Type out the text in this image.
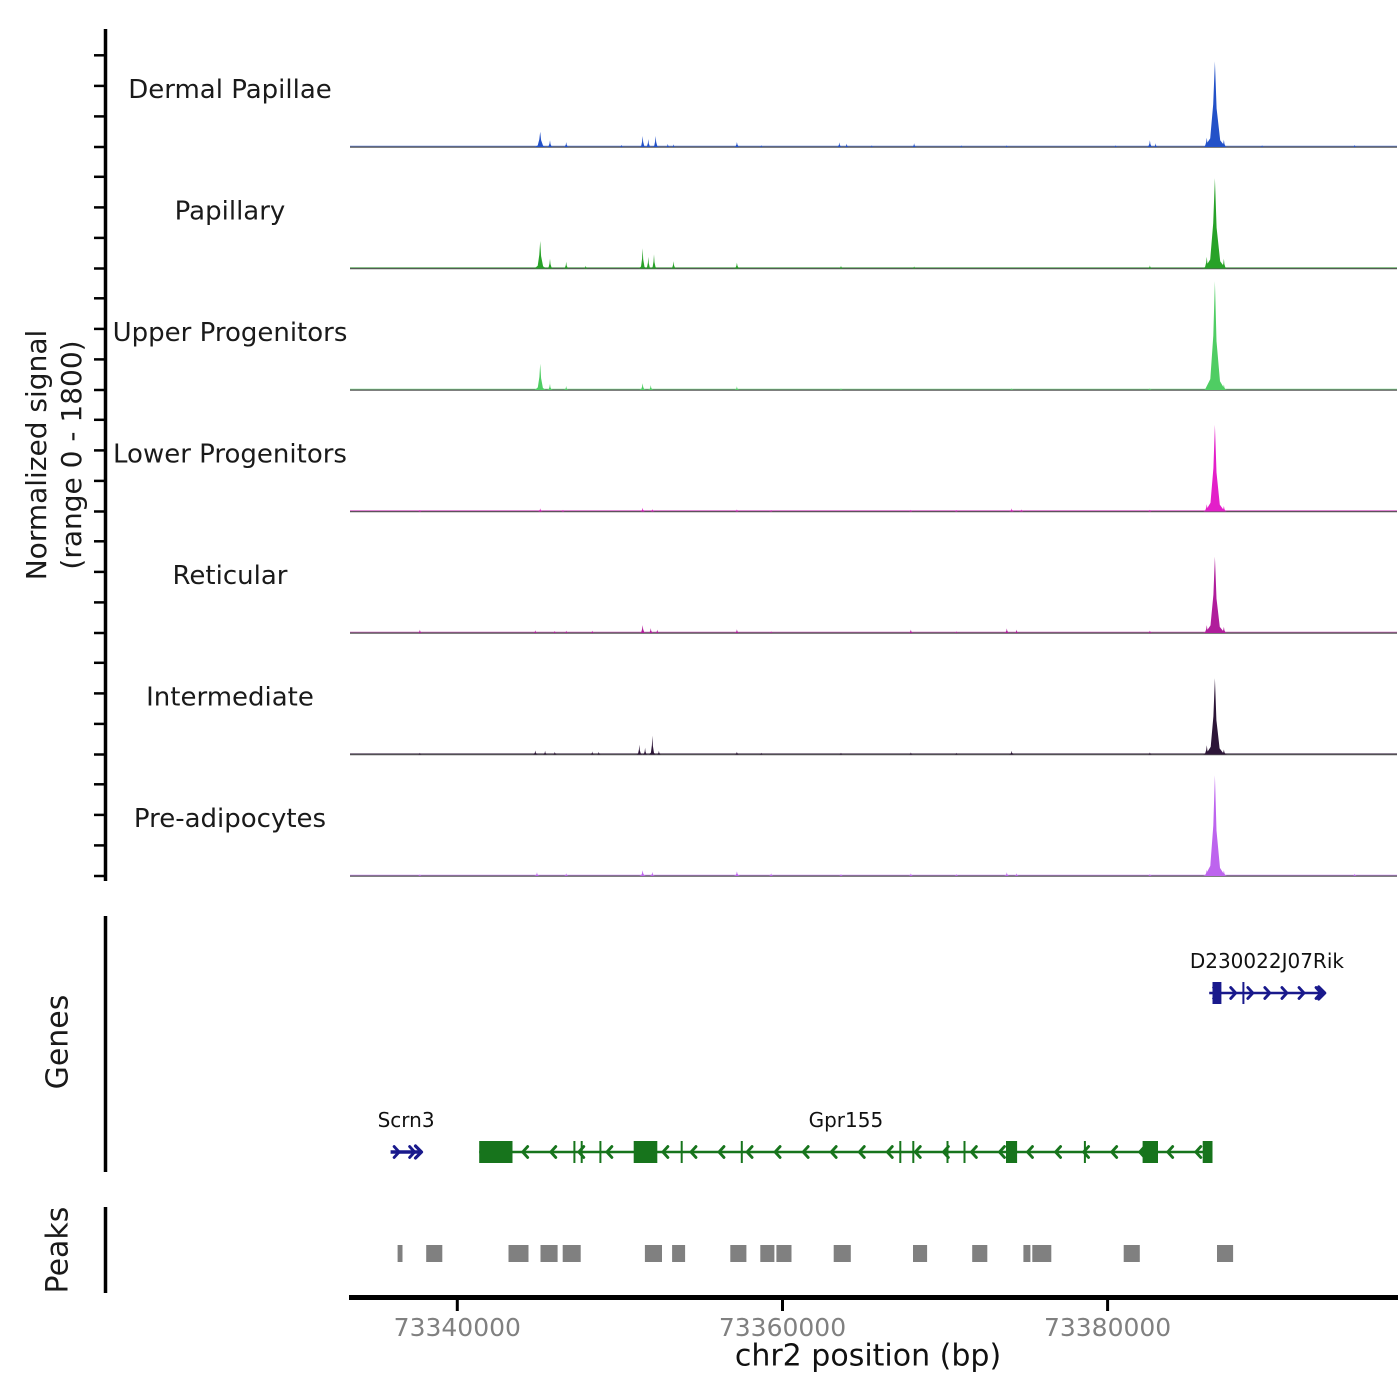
Dermal Papillae
Papillary
Upper Progenitors
Lower Progenitors
Reticular
Intermediate
Pre-adipocytes
D230022J07Rik
Scrn3	Gpr155
73340000	73360000	73380000
Normalized signal
(range 0 - 1800)
Genes
Peaks
chr2 position (bp)
